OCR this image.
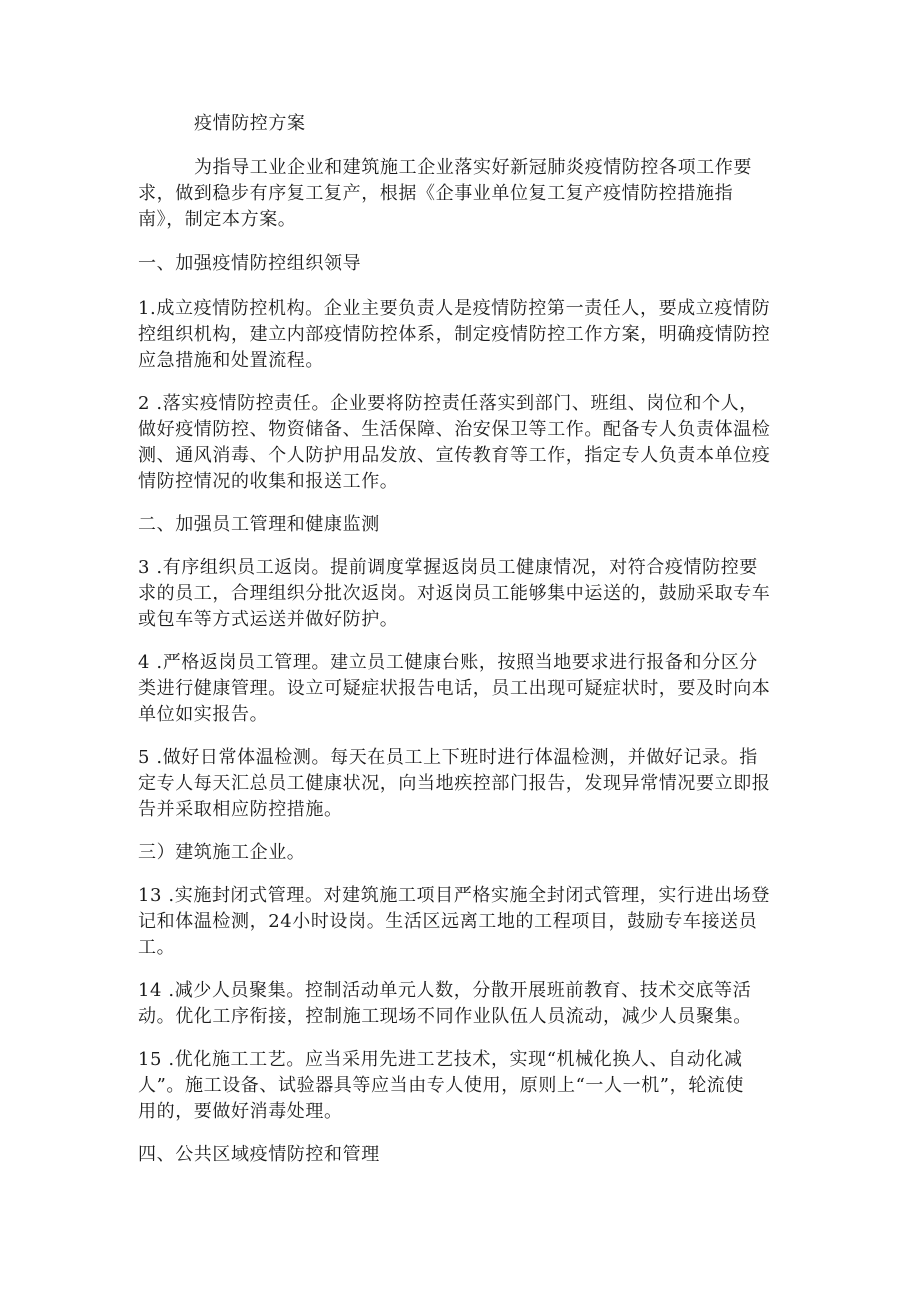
疫情防控方案
为指导工业企业和建筑施工企业落实好新冠肺炎疫情防控各项工作要
求，做到稳步有序复工复产，根据《企事业单位复工复产疫情防控措施指
南》，制定本方案。
一、加强疫情防控组织领导
1.成立疫情防控机构。企业主要负责人是疫情防控第一责任人，要成立疫情防
控组织机构，建立内部疫情防控体系，制定疫情防控工作方案，明确疫情防控
应急措施和处置流程。
2 .落实疫情防控责任。企业要将防控责任落实到部门、班组、岗位和个人，
做好疫情防控、物资储备、生活保障、治安保卫等工作。配备专人负责体温检
测、通风消毒、个人防护用品发放、宣传教育等工作，指定专人负责本单位疫
情防控情况的收集和报送工作。
二、加强员工管理和健康监测
3 .有序组织员工返岗。提前调度掌握返岗员工健康情况，对符合疫情防控要
求的员工，合理组织分批次返岗。对返岗员工能够集中运送的，鼓励采取专车
或包车等方式运送并做好防护。
4 .严格返岗员工管理。建立员工健康台账，按照当地要求进行报备和分区分
类进行健康管理。设立可疑症状报告电话，员工出现可疑症状时，要及时向本
单位如实报告。
5 .做好日常体温检测。每天在员工上下班时进行体温检测，并做好记录。指
定专人每天汇总员工健康状况，向当地疾控部门报告，发现异常情况要立即报
告并采取相应防控措施。
三）建筑施工企业。
13 .实施封闭式管理。对建筑施工项目严格实施全封闭式管理，实行进出场登
记和体温检测，24小时设岗。生活区远离工地的工程项目，鼓励专车接送员
工。
14 .减少人员聚集。控制活动单元人数，分散开展班前教育、技术交底等活
动。优化工序衔接，控制施工现场不同作业队伍人员流动，减少人员聚集。
15 .优化施工工艺。应当采用先进工艺技术，实现“机械化换人、自动化减
人”。施工设备、试验器具等应当由专人使用，原则上“一人一机”，轮流使
用的，要做好消毒处理。
四、公共区域疫情防控和管理
